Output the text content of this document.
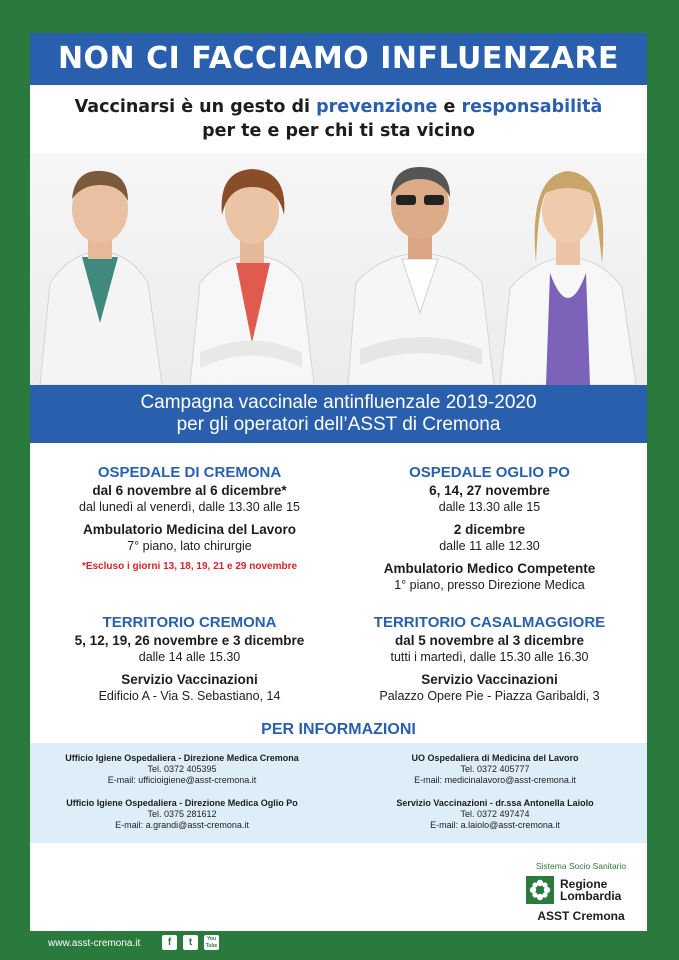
NON CI FACCIAMO INFLUENZARE
Vaccinarsi è un gesto di prevenzione e responsabilità
per te e per chi ti sta vicino
Campagna vaccinale antinfluenzale 2019-2020
per gli operatori dell’ASST di Cremona
OSPEDALE DI CREMONA
dal 6 novembre al 6 dicembre*
dal lunedì al venerdì, dalle 13.30 alle 15
Ambulatorio Medicina del Lavoro
7° piano, lato chirurgie
*Escluso i giorni 13, 18, 19, 21 e 29 novembre
OSPEDALE OGLIO PO
6, 14, 27 novembre
dalle 13.30 alle 15
2 dicembre
dalle 11 alle 12.30
Ambulatorio Medico Competente
1° piano, presso Direzione Medica
TERRITORIO CREMONA
5, 12, 19, 26 novembre e 3 dicembre
dalle 14 alle 15.30
Servizio Vaccinazioni
Edificio A - Via S. Sebastiano, 14
TERRITORIO CASALMAGGIORE
dal 5 novembre al 3 dicembre
tutti i martedì, dalle 15.30 alle 16.30
Servizio Vaccinazioni
Palazzo Opere Pie - Piazza Garibaldi, 3
PER INFORMAZIONI
Ufficio Igiene Ospedaliera - Direzione Medica Cremona
Tel. 0372 405395
E-mail: ufficioigiene@asst-cremona.it
UO Ospedaliera di Medicina del Lavoro
Tel. 0372 405777
E-mail: medicinalavoro@asst-cremona.it
Ufficio Igiene Ospedaliera - Direzione Medica Oglio Po
Tel. 0375 281612
E-mail: a.grandi@asst-cremona.it
Servizio Vaccinazioni - dr.ssa Antonella Laiolo
Tel. 0372 497474
E-mail: a.laiolo@asst-cremona.it
Sistema Socio Sanitario
Regione
Lombardia
ASST Cremona
www.asst-cremona.it	f	t	You Tube
